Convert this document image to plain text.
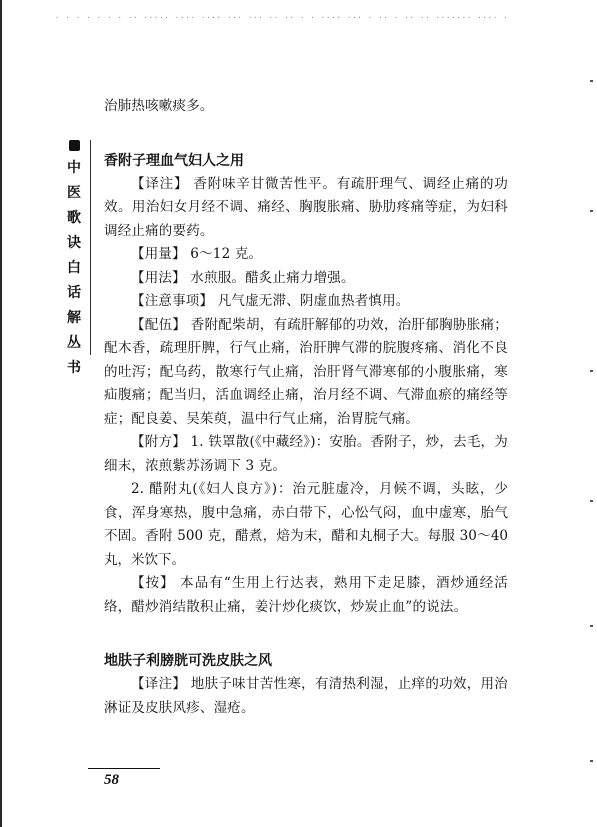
· · · · · · · ·· ····· ···· ···· ··· ··· ·· ·· · · ···· ··· · ·· · ·· ·· ······· ···· ·
中
医
歌
诀
白
话
解
丛
书

治肺热咳嗽痰多。

香附子理血气妇人之用

【译注】 香附味辛甘微苦性平。有疏肝理气、调经止痛的功效。用治妇女月经不调、痛经、胸腹胀痛、胁肋疼痛等症，为妇科调经止痛的要药。

【用量】 6～12 克。

【用法】 水煎服。醋炙止痛力增强。

【注意事项】 凡气虚无滞、阴虚血热者慎用。

【配伍】 香附配柴胡，有疏肝解郁的功效，治肝郁胸胁胀痛；配木香，疏理肝脾，行气止痛，治肝脾气滞的脘腹疼痛、消化不良的吐泻；配乌药，散寒行气止痛，治肝肾气滞寒郁的小腹胀痛，寒疝腹痛；配当归，活血调经止痛，治月经不调、气滞血瘀的痛经等症；配良姜、吴茱萸，温中行气止痛，治胃脘气痛。

【附方】 1. 铁罩散(《中藏经》)：安胎。香附子，炒，去毛，为细末，浓煎紫苏汤调下 3 克。

2. 醋附丸(《妇人良方》)：治元脏虚冷，月候不调，头眩，少食，浑身寒热，腹中急痛，赤白带下，心忪气闷，血中虚寒，胎气不固。香附 500 克，醋煮，焙为末，醋和丸桐子大。每服 30～40 丸，米饮下。

【按】 本品有“生用上行达表，熟用下走足膝，酒炒通经活络，醋炒消结散积止痛，姜汁炒化痰饮，炒炭止血”的说法。

地肤子利膀胱可洗皮肤之风

【译注】 地肤子味甘苦性寒，有清热利湿，止痒的功效，用治淋证及皮肤风疹、湿疮。

58
